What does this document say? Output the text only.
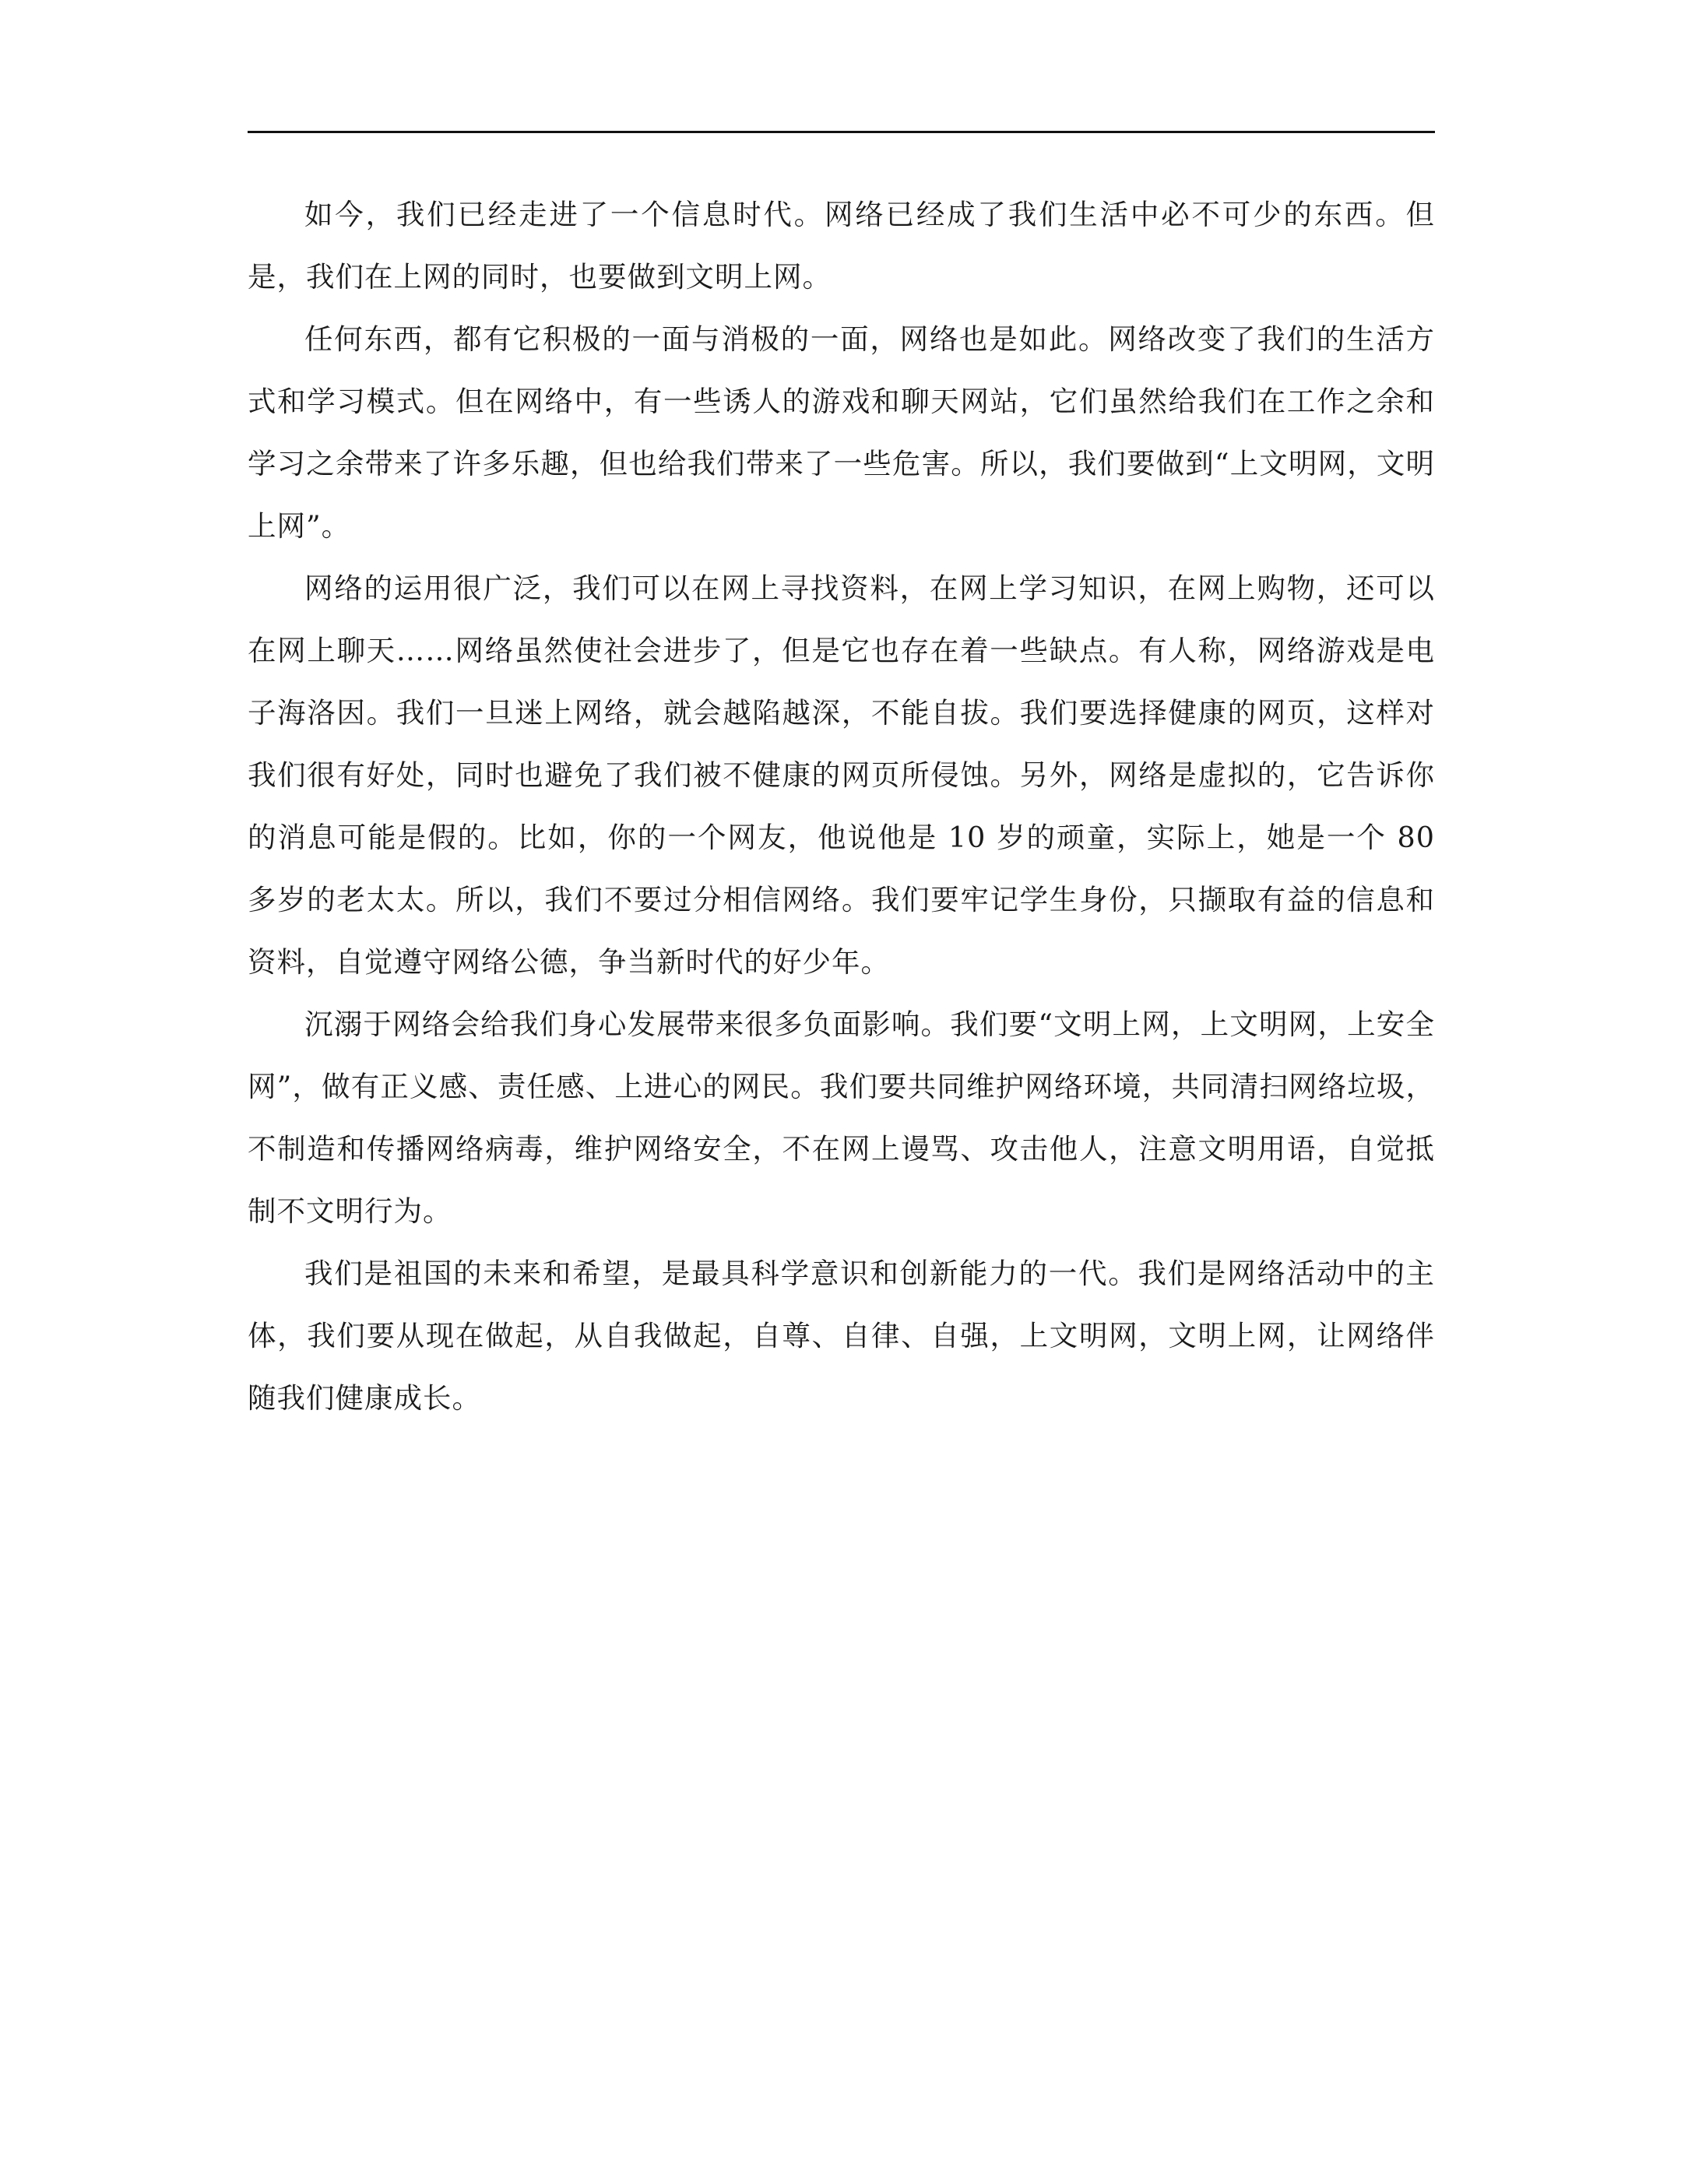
如今，我们已经走进了一个信息时代。网络已经成了我们生活中必不可少的东西。但是，我们在上网的同时，也要做到文明上网。

任何东西，都有它积极的一面与消极的一面，网络也是如此。网络改变了我们的生活方式和学习模式。但在网络中，有一些诱人的游戏和聊天网站，它们虽然给我们在工作之余和学习之余带来了许多乐趣，但也给我们带来了一些危害。所以，我们要做到“上文明网，文明上网”。

网络的运用很广泛，我们可以在网上寻找资料，在网上学习知识，在网上购物，还可以在网上聊天……网络虽然使社会进步了，但是它也存在着一些缺点。有人称，网络游戏是电子海洛因。我们一旦迷上网络，就会越陷越深，不能自拔。我们要选择健康的网页，这样对我们很有好处，同时也避免了我们被不健康的网页所侵蚀。另外，网络是虚拟的，它告诉你的消息可能是假的。比如，你的一个网友，他说他是 10 岁的顽童，实际上，她是一个 80 多岁的老太太。所以，我们不要过分相信网络。我们要牢记学生身份，只撷取有益的信息和资料，自觉遵守网络公德，争当新时代的好少年。

沉溺于网络会给我们身心发展带来很多负面影响。我们要“文明上网，上文明网，上安全网”，做有正义感、责任感、上进心的网民。我们要共同维护网络环境，共同清扫网络垃圾，不制造和传播网络病毒，维护网络安全，不在网上谩骂、攻击他人，注意文明用语，自觉抵制不文明行为。

我们是祖国的未来和希望，是最具科学意识和创新能力的一代。我们是网络活动中的主体，我们要从现在做起，从自我做起，自尊、自律、自强，上文明网，文明上网，让网络伴随我们健康成长。
